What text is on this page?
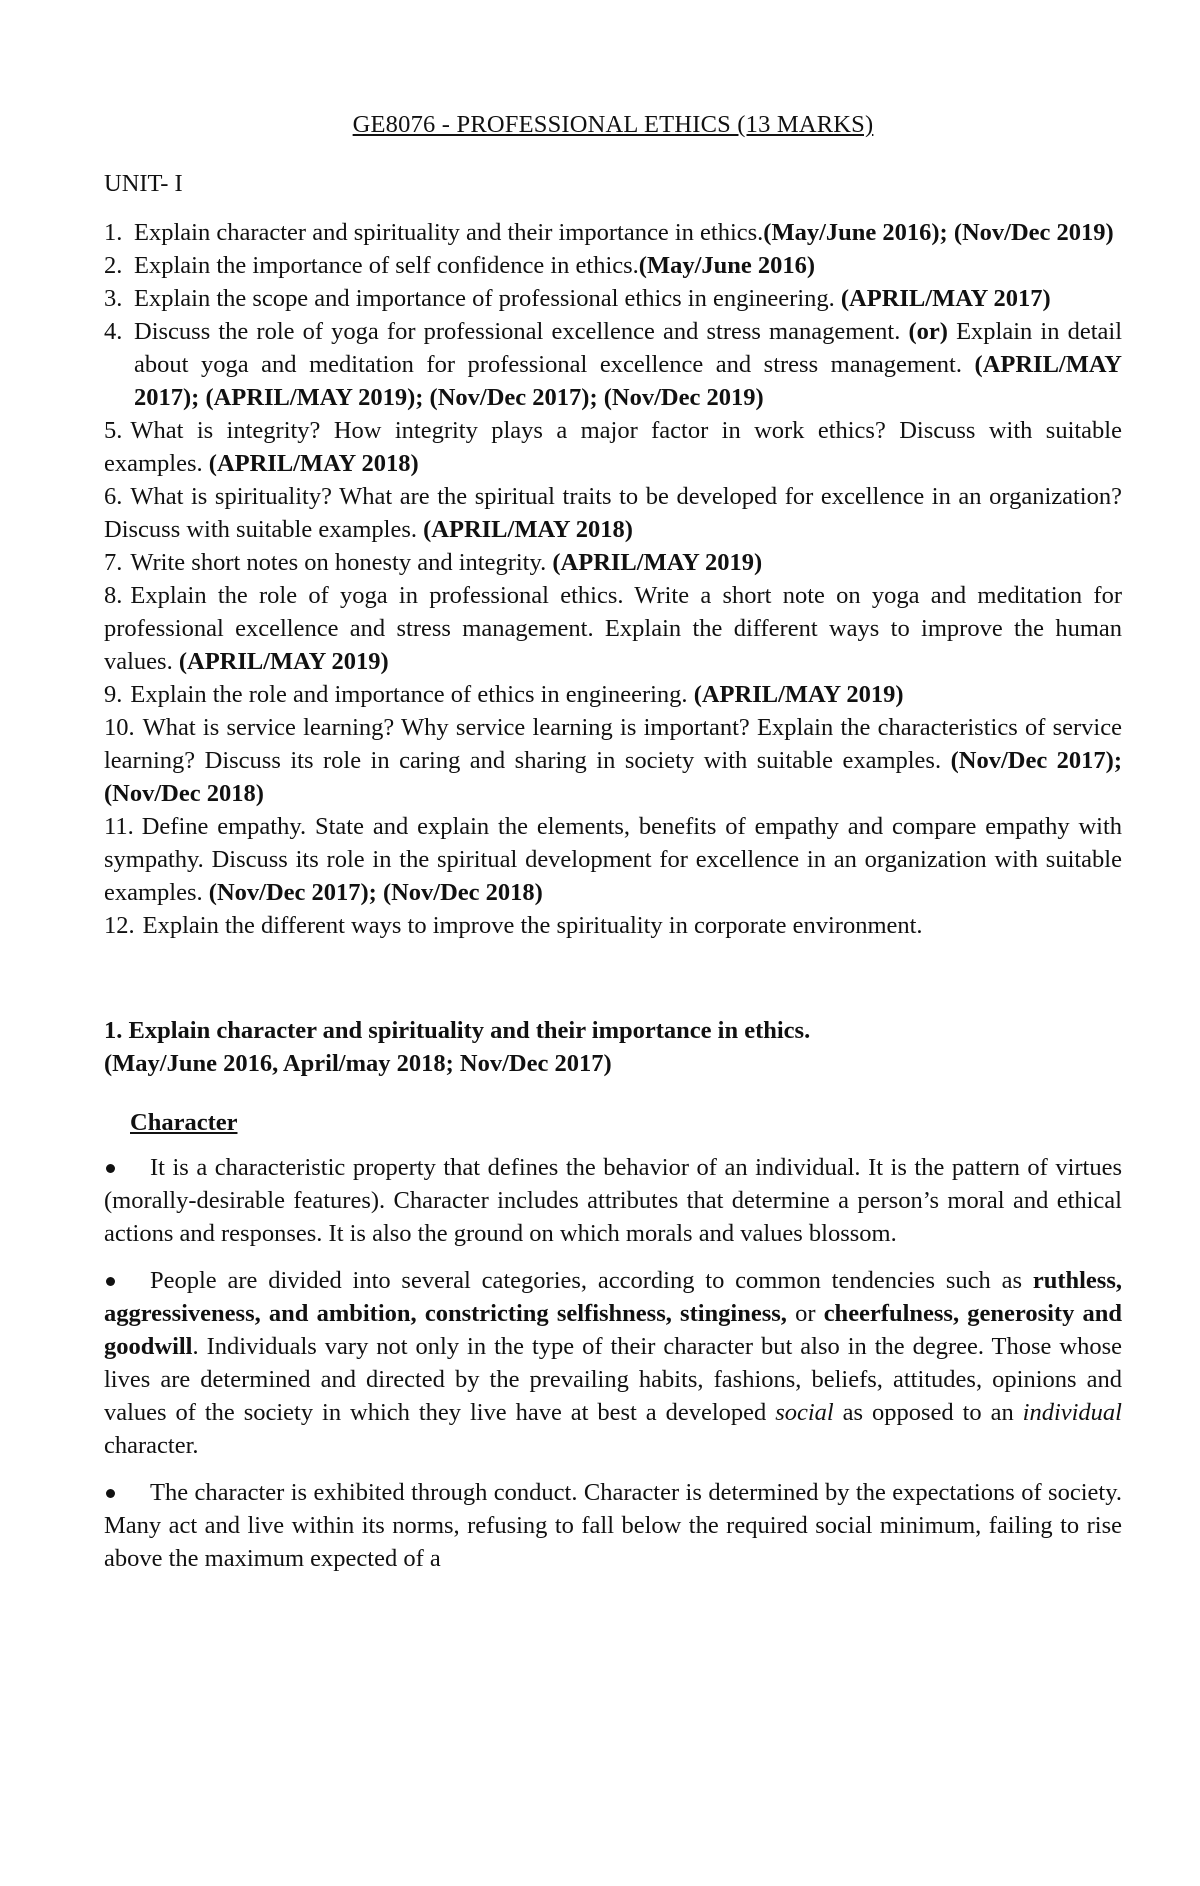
GE8076 - PROFESSIONAL ETHICS (13 MARKS)
UNIT- I
1. Explain character and spirituality and their importance in ethics.(May/June 2016); (Nov/Dec 2019)
2. Explain the importance of self confidence in ethics.(May/June 2016)
3. Explain the scope and importance of professional ethics in engineering. (APRIL/MAY 2017)
4. Discuss the role of yoga for professional excellence and stress management. (or) Explain in detail about yoga and meditation for professional excellence and stress management. (APRIL/MAY 2017); (APRIL/MAY 2019); (Nov/Dec 2017); (Nov/Dec 2019)
5. What is integrity? How integrity plays a major factor in work ethics? Discuss with suitable examples. (APRIL/MAY 2018)
6. What is spirituality? What are the spiritual traits to be developed for excellence in an organization? Discuss with suitable examples. (APRIL/MAY 2018)
7. Write short notes on honesty and integrity. (APRIL/MAY 2019)
8. Explain the role of yoga in professional ethics. Write a short note on yoga and meditation for professional excellence and stress management. Explain the different ways to improve the human values. (APRIL/MAY 2019)
9. Explain the role and importance of ethics in engineering. (APRIL/MAY 2019)
10. What is service learning? Why service learning is important? Explain the characteristics of service learning? Discuss its role in caring and sharing in society with suitable examples. (Nov/Dec 2017); (Nov/Dec 2018)
11. Define empathy. State and explain the elements, benefits of empathy and compare empathy with sympathy. Discuss its role in the spiritual development for excellence in an organization with suitable examples. (Nov/Dec 2017); (Nov/Dec 2018)
12. Explain the different ways to improve the spirituality in corporate environment.
1. Explain character and spirituality and their importance in ethics.
(May/June 2016, April/may 2018; Nov/Dec 2017)
Character
It is a characteristic property that defines the behavior of an individual. It is the pattern of virtues (morally-desirable features). Character includes attributes that determine a person’s moral and ethical actions and responses. It is also the ground on which morals and values blossom.
People are divided into several categories, according to common tendencies such as ruthless, aggressiveness, and ambition, constricting selfishness, stinginess, or cheerfulness, generosity and goodwill. Individuals vary not only in the type of their character but also in the degree. Those whose lives are determined and directed by the prevailing habits, fashions, beliefs, attitudes, opinions and values of the society in which they live have at best a developed social as opposed to an individual character.
The character is exhibited through conduct. Character is determined by the expectations of society. Many act and live within its norms, refusing to fall below the required social minimum, failing to rise above the maximum expected of a
